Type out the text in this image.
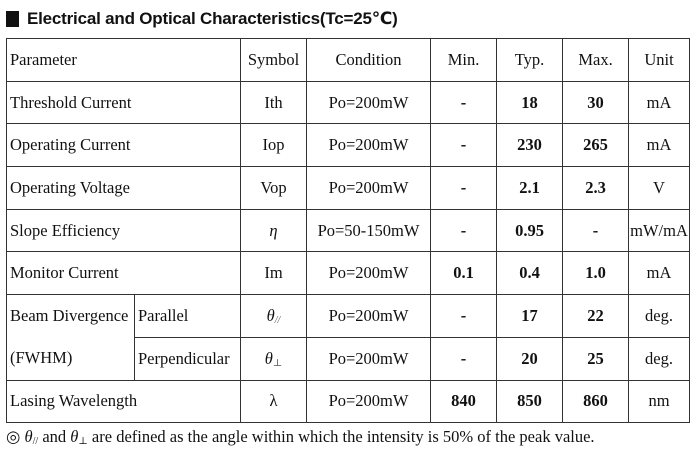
Electrical and Optical Characteristics(Tc=25℃)
Parameter		Symbol	Condition	Min.	Typ.	Max.	Unit
Threshold Current		Ith	Po=200mW	-	18	30	mA
Operating Current		Iop	Po=200mW	-	230	265	mA
Operating Voltage		Vop	Po=200mW	-	2.1	2.3	V
Slope Efficiency		η	Po=50-150mW	-	0.95	-	mW/mA
Monitor Current		Im	Po=200mW	0.1	0.4	1.0	mA
Beam Divergence	Parallel	θ//	Po=200mW	-	17	22	deg.
(FWHM)	Perpendicular	θ⊥	Po=200mW	-	20	25	deg.
Lasing Wavelength		λ	Po=200mW	840	850	860	nm
◎ $\theta_{//}$ and $\theta_\perp$ are defined as the angle within which the intensity is 50% of the peak value.
